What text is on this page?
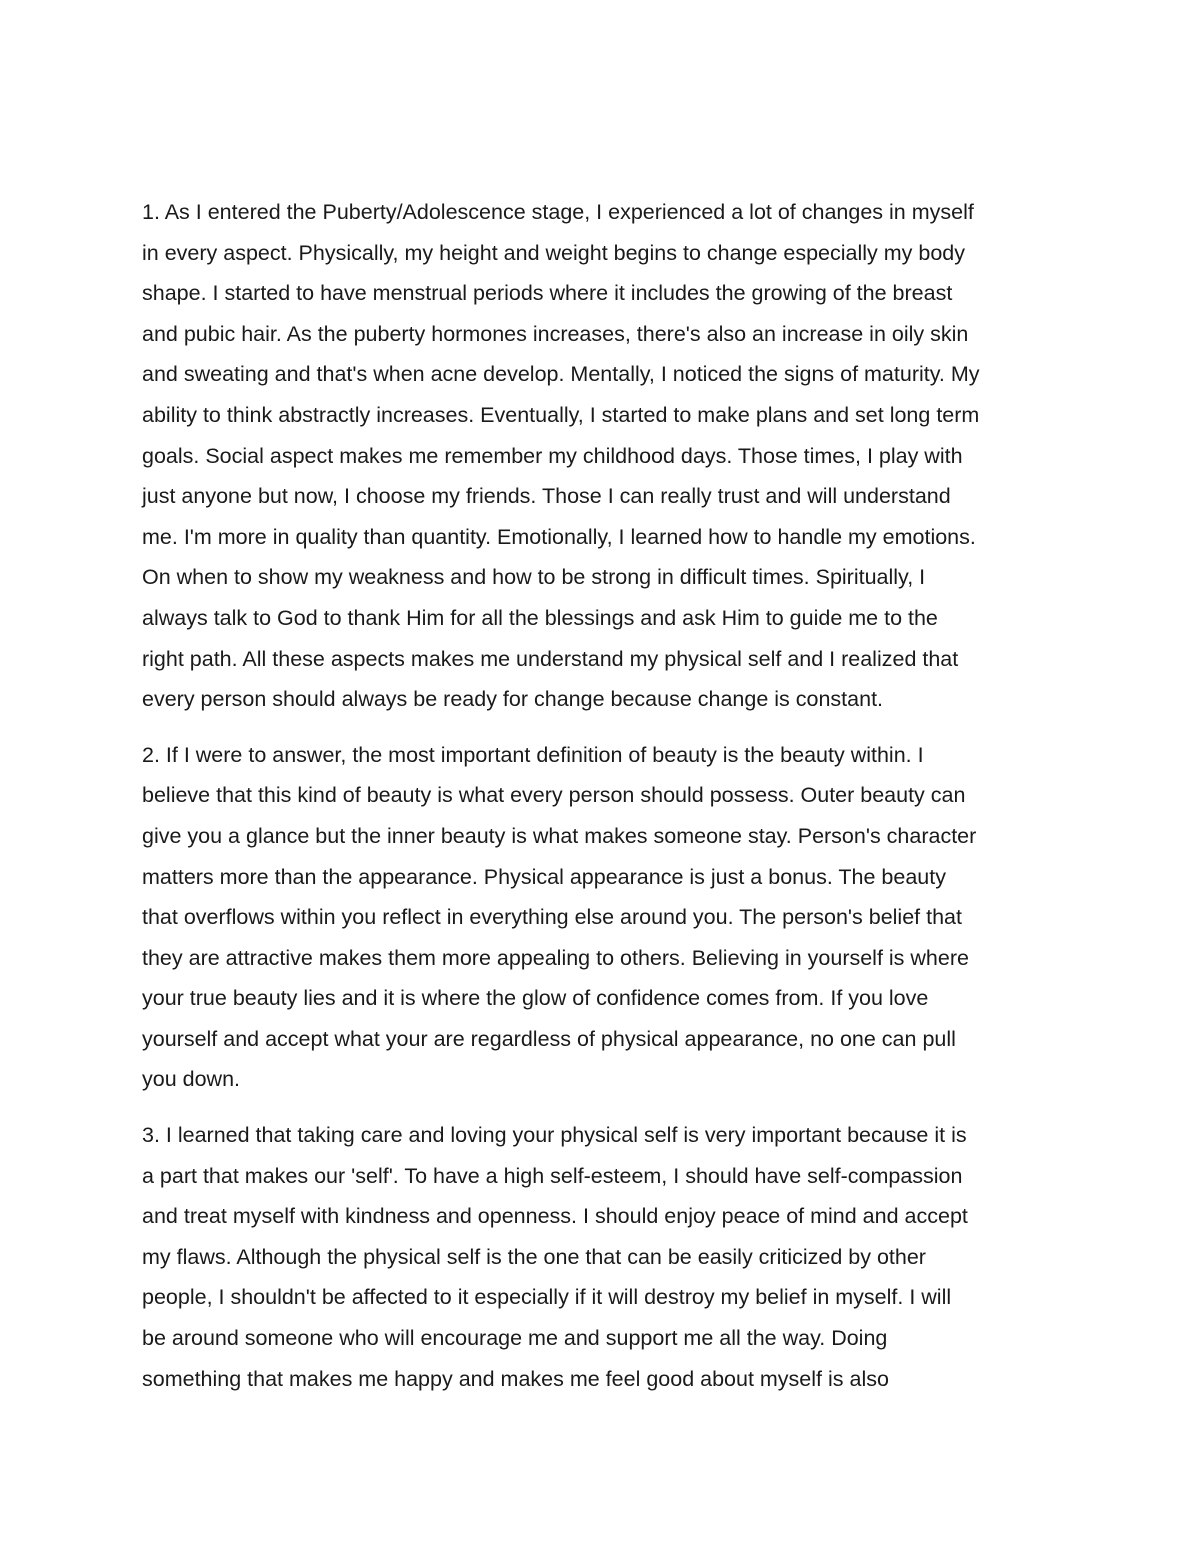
1. As I entered the Puberty/Adolescence stage, I experienced a lot of changes in myself
in every aspect. Physically, my height and weight begins to change especially my body
shape. I started to have menstrual periods where it includes the growing of the breast
and pubic hair. As the puberty hormones increases, there's also an increase in oily skin
and sweating and that's when acne develop. Mentally, I noticed the signs of maturity. My
ability to think abstractly increases. Eventually, I started to make plans and set long term
goals. Social aspect makes me remember my childhood days. Those times, I play with
just anyone but now, I choose my friends. Those I can really trust and will understand
me. I'm more in quality than quantity. Emotionally, I learned how to handle my emotions.
On when to show my weakness and how to be strong in difficult times. Spiritually, I
always talk to God to thank Him for all the blessings and ask Him to guide me to the
right path. All these aspects makes me understand my physical self and I realized that
every person should always be ready for change because change is constant.
2. If I were to answer, the most important definition of beauty is the beauty within. I
believe that this kind of beauty is what every person should possess. Outer beauty can
give you a glance but the inner beauty is what makes someone stay. Person's character
matters more than the appearance. Physical appearance is just a bonus. The beauty
that overflows within you reflect in everything else around you. The person's belief that
they are attractive makes them more appealing to others. Believing in yourself is where
your true beauty lies and it is where the glow of confidence comes from. If you love
yourself and accept what your are regardless of physical appearance, no one can pull
you down.
3. I learned that taking care and loving your physical self is very important because it is
a part that makes our 'self'. To have a high self-esteem, I should have self-compassion
and treat myself with kindness and openness. I should enjoy peace of mind and accept
my flaws. Although the physical self is the one that can be easily criticized by other
people, I shouldn't be affected to it especially if it will destroy my belief in myself. I will
be around someone who will encourage me and support me all the way. Doing
something that makes me happy and makes me feel good about myself is also
